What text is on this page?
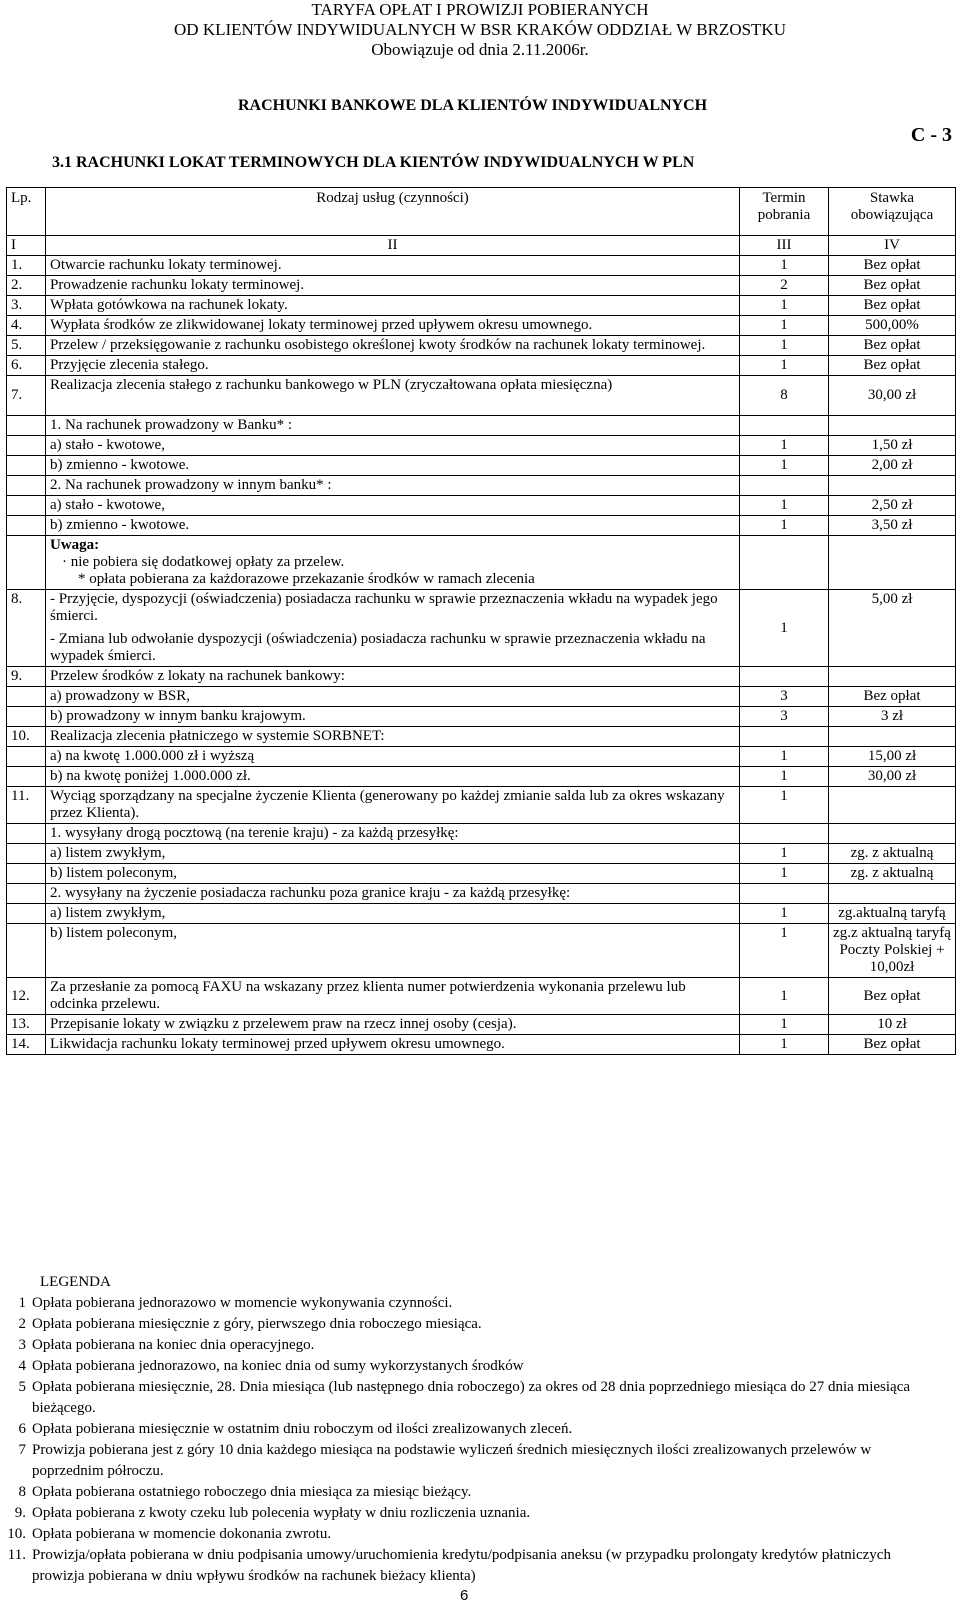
TARYFA OPŁAT I PROWIZJI POBIERANYCH
OD KLIENTÓW INDYWIDUALNYCH W BSR KRAKÓW ODDZIAŁ W BRZOSTKU
Obowiązuje od dnia 2.11.2006r.
RACHUNKI BANKOWE DLA KLIENTÓW INDYWIDUALNYCH
3.1 RACHUNKI LOKAT TERMINOWYCH DLA KIENTÓW INDYWIDUALNYCH W PLN
C - 3
Lp.	Rodzaj usług (czynności)	Termin pobrania	Stawka obowiązująca
I	II	III	IV
1.	Otwarcie rachunku lokaty terminowej.	1	Bez opłat
2.	Prowadzenie rachunku lokaty terminowej.	2	Bez opłat
3.	Wpłata gotówkowa na rachunek lokaty.	1	Bez opłat
4.	Wypłata środków ze zlikwidowanej lokaty terminowej przed upływem okresu umownego.	1	500,00%
5.	Przelew / przeksięgowanie z rachunku osobistego określonej kwoty środków na rachunek lokaty terminowej.	1	Bez opłat
6.	Przyjęcie zlecenia stałego.	1	Bez opłat
7.	Realizacja zlecenia stałego z rachunku bankowego w PLN (zryczałtowana opłata miesięczna)	8	30,00 zł
	1. Na rachunek prowadzony w Banku* :		
	a) stało - kwotowe,	1	1,50 zł
	b) zmienno - kwotowe.	1	2,00 zł
	2. Na rachunek prowadzony w innym banku* :		
	a) stało - kwotowe,	1	2,50 zł
	b) zmienno - kwotowe.	1	3,50 zł
	Uwaga:
· nie pobiera się dodatkowej opłaty za przelew.
* opłata pobierana za każdorazowe przekazanie środków w ramach zlecenia		
8.	- Przyjęcie, dyspozycji (oświadczenia) posiadacza rachunku w sprawie przeznaczenia wkładu na wypadek jego śmierci.
- Zmiana lub odwołanie dyspozycji (oświadczenia) posiadacza rachunku w sprawie przeznaczenia wkładu na wypadek śmierci.	1	5,00 zł
9.	Przelew środków z lokaty na rachunek bankowy:		
	a) prowadzony w BSR,	3	Bez opłat
	b) prowadzony w innym banku krajowym.	3	3 zł
10.	Realizacja zlecenia płatniczego w systemie SORBNET:		
	a) na kwotę 1.000.000 zł i wyższą	1	15,00 zł
	b) na kwotę poniżej 1.000.000 zł.	1	30,00 zł
11.	Wyciąg sporządzany na specjalne życzenie Klienta (generowany po każdej zmianie salda lub za okres wskazany przez Klienta).	1	
	1. wysyłany drogą pocztową (na terenie kraju) - za każdą przesyłkę:		
	a) listem zwykłym,	1	zg. z aktualną
	b) listem poleconym,	1	zg. z aktualną
	2. wysyłany na życzenie posiadacza rachunku poza granice kraju - za każdą przesyłkę:		
	a) listem zwykłym,	1	zg.aktualną taryfą
	b) listem poleconym,	1	zg.z aktualną taryfą Poczty Polskiej + 10,00zł
12.	Za przesłanie za pomocą FAXU na wskazany przez klienta numer potwierdzenia wykonania przelewu lub odcinka przelewu.	1	Bez opłat
13.	Przepisanie lokaty w związku z przelewem praw na rzecz innej osoby (cesja).	1	10 zł
14.	Likwidacja rachunku lokaty terminowej przed upływem okresu umownego.	1	Bez opłat
LEGENDA
1 Opłata pobierana jednorazowo w momencie wykonywania czynności.
2 Opłata pobierana miesięcznie z góry, pierwszego dnia roboczego miesiąca.
3 Opłata pobierana na koniec dnia operacyjnego.
4 Opłata pobierana jednorazowo, na koniec dnia od sumy wykorzystanych środków
5 Opłata pobierana miesięcznie, 28. Dnia miesiąca (lub następnego dnia roboczego) za okres od 28 dnia poprzedniego miesiąca do 27 dnia miesiąca bieżącego.
6 Opłata pobierana miesięcznie w ostatnim dniu roboczym od ilości zrealizowanych zleceń.
7 Prowizja pobierana jest z góry 10 dnia każdego miesiąca na podstawie wyliczeń średnich miesięcznych ilości zrealizowanych przelewów w poprzednim półroczu.
8 Opłata pobierana ostatniego roboczego dnia miesiąca za miesiąc bieżący.
9. Opłata pobierana z kwoty czeku lub polecenia wypłaty w dniu rozliczenia uznania.
10. Opłata pobierana w momencie dokonania zwrotu.
11. Prowizja/opłata pobierana w dniu podpisania umowy/uruchomienia kredytu/podpisania aneksu (w przypadku prolongaty kredytów płatniczych prowizja pobierana w dniu wpływu środków na rachunek bieżacy klienta)
6
